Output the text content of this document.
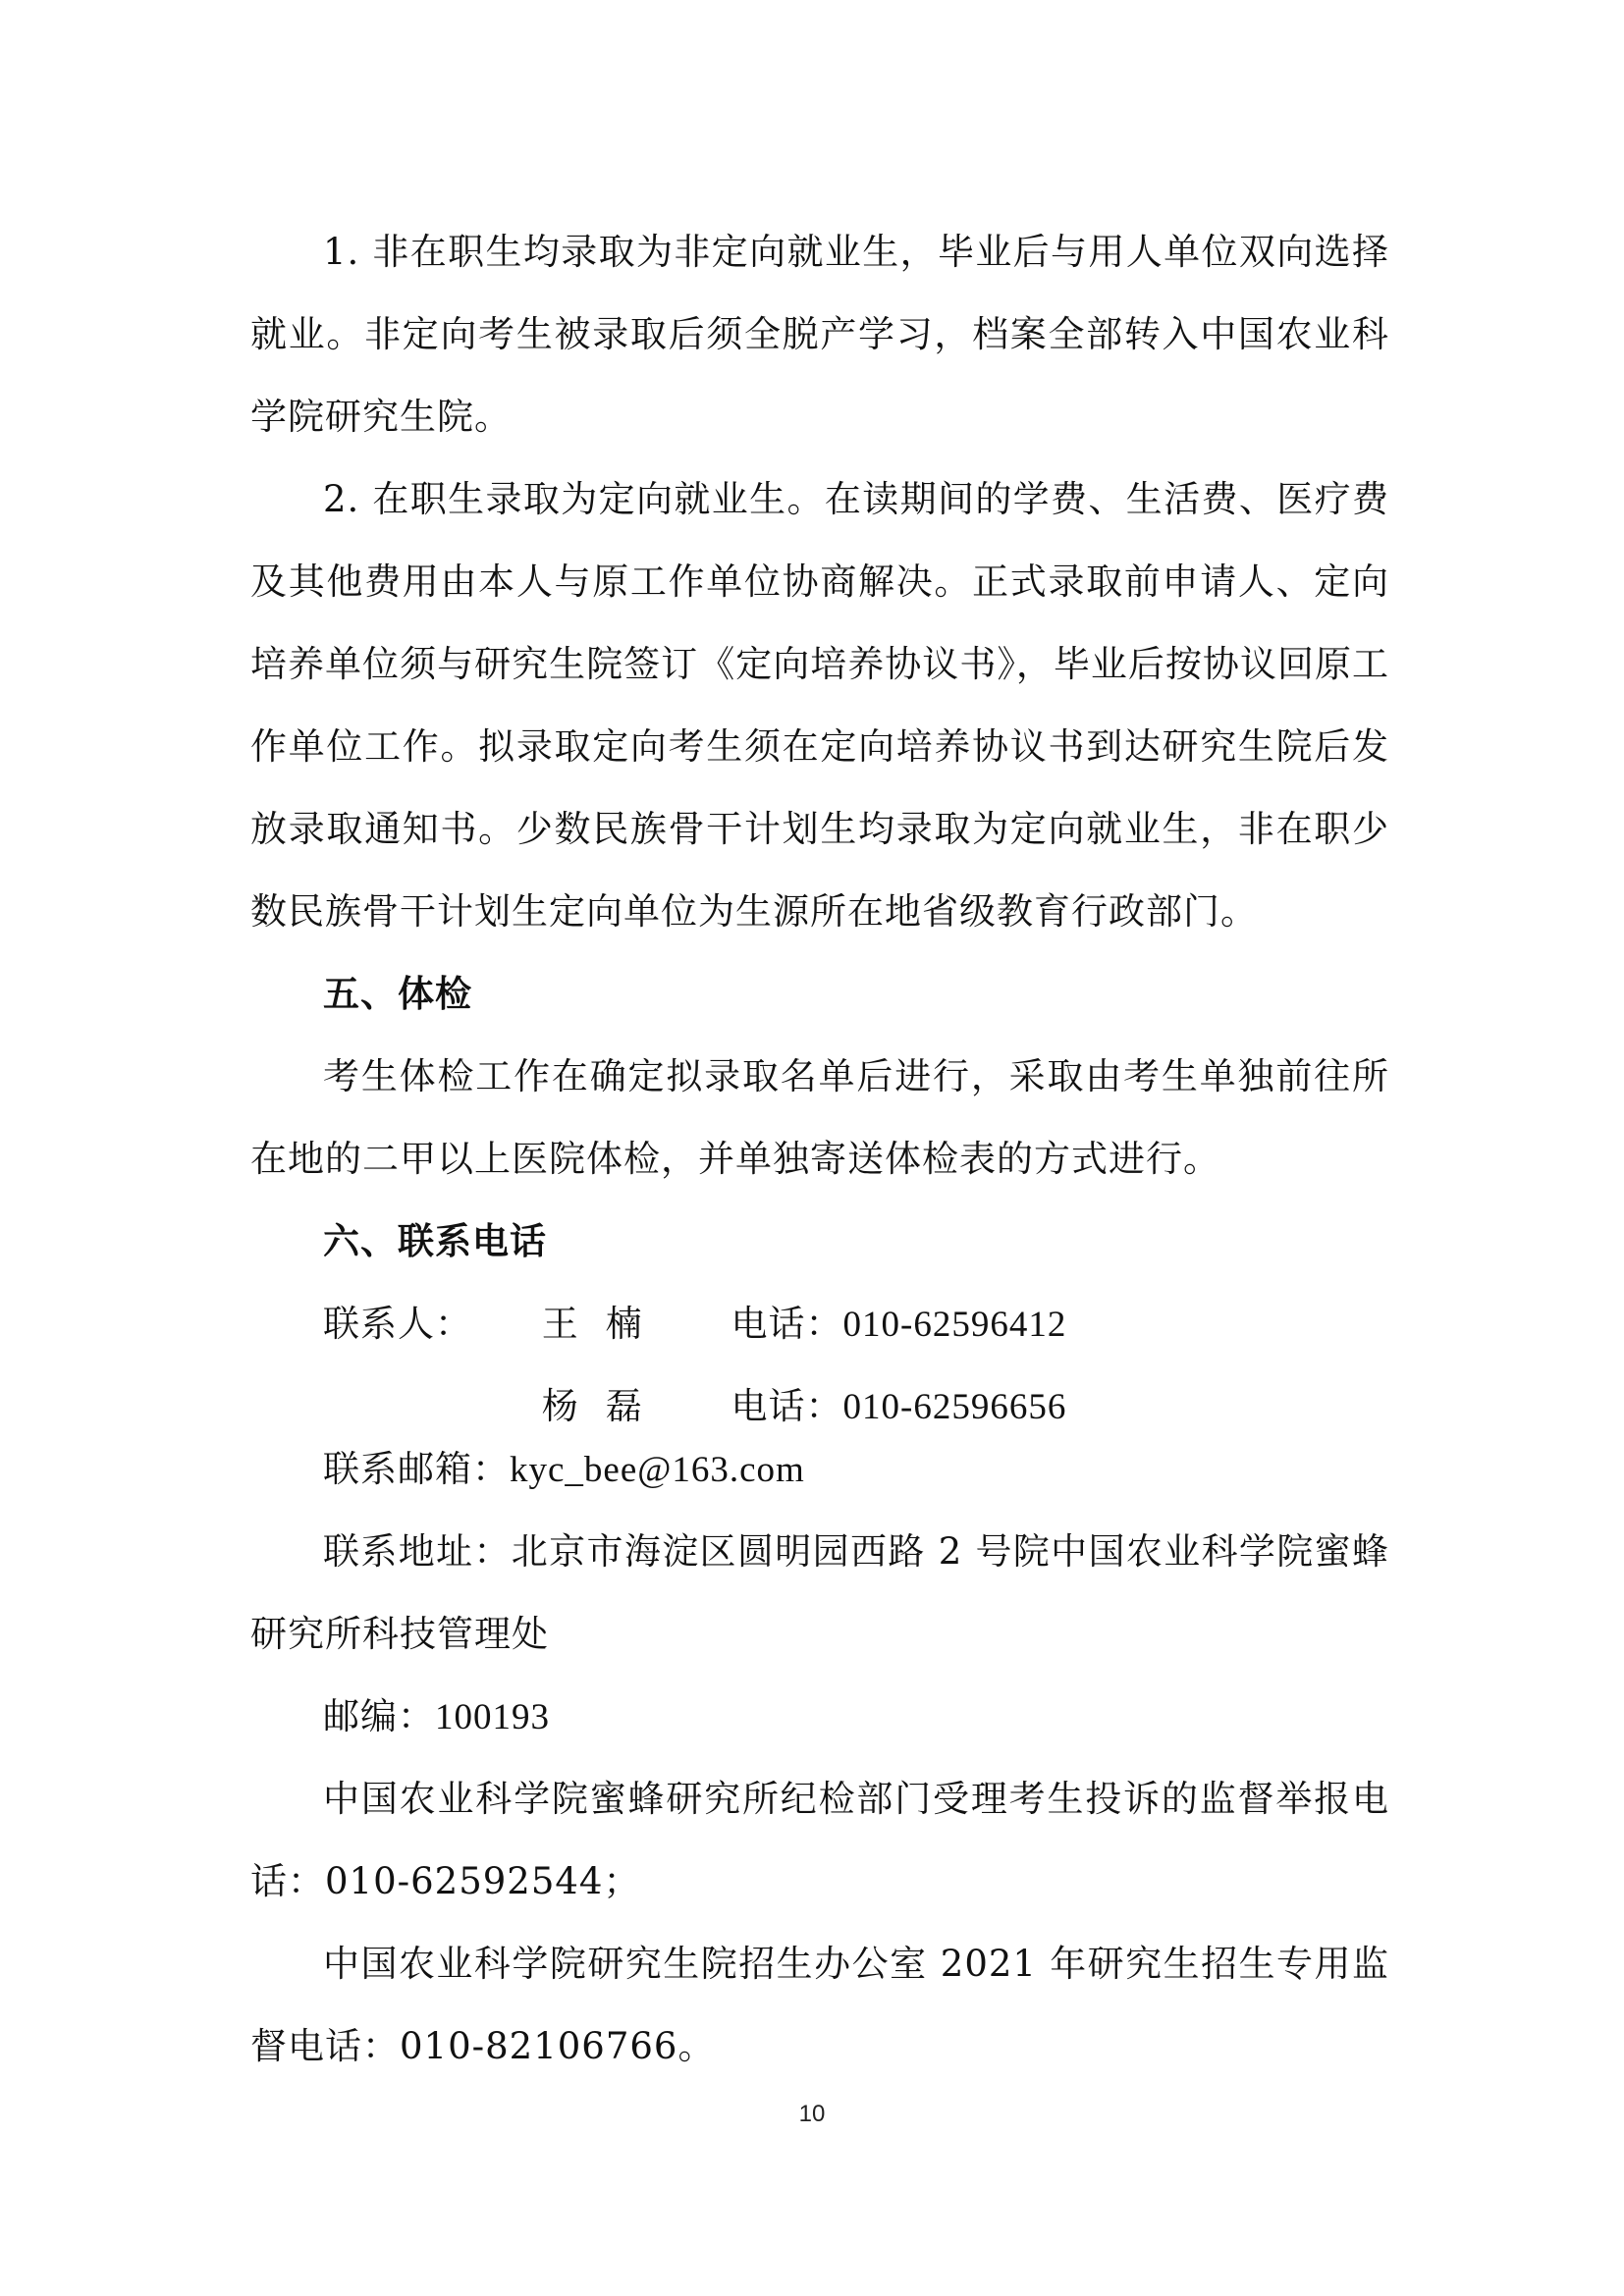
1. 非在职生均录取为非定向就业生，毕业后与用人单位双向选择就业。非定向考生被录取后须全脱产学习，档案全部转入中国农业科学院研究生院。

2. 在职生录取为定向就业生。在读期间的学费、生活费、医疗费及其他费用由本人与原工作单位协商解决。正式录取前申请人、定向培养单位须与研究生院签订《定向培养协议书》，毕业后按协议回原工作单位工作。拟录取定向考生须在定向培养协议书到达研究生院后发放录取通知书。少数民族骨干计划生均录取为定向就业生，非在职少数民族骨干计划生定向单位为生源所在地省级教育行政部门。

五、体检

考生体检工作在确定拟录取名单后进行，采取由考生单独前往所在地的二甲以上医院体检，并单独寄送体检表的方式进行。

六、联系电话
联系人： 王楠 电话：010-62596412
杨磊 电话：010-62596656
联系邮箱：kyc_bee@163.com

联系地址：北京市海淀区圆明园西路 2 号院中国农业科学院蜜蜂研究所科技管理处

邮编：100193

中国农业科学院蜜蜂研究所纪检部门受理考生投诉的监督举报电话：010-62592544；

中国农业科学院研究生院招生办公室 2021 年研究生招生专用监督电话：010-82106766。

10
